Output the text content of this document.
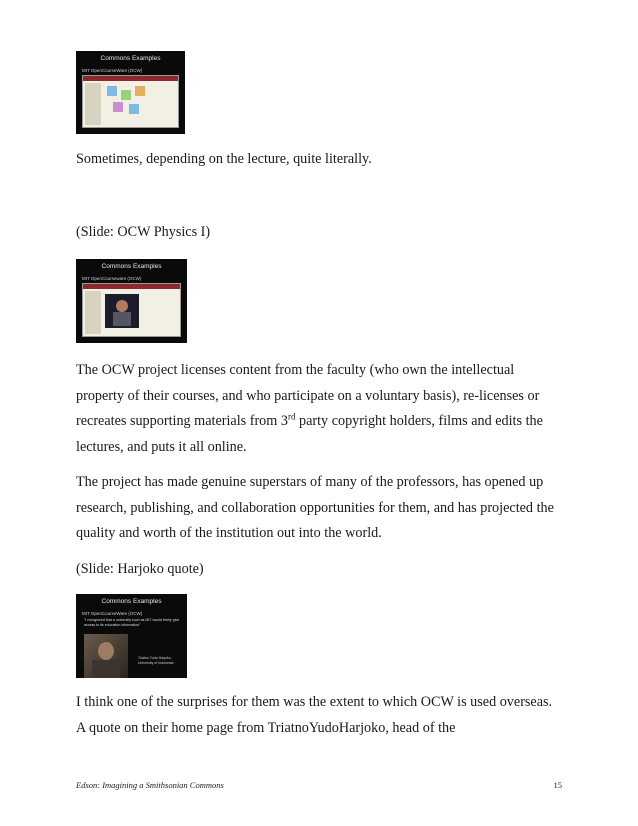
Commons Examples
MIT OpenCourseWare (OCW)

Sometimes, depending on the lecture, quite literally.

(Slide: OCW Physics I)

Commons Examples
MIT OpenCourseware (OCW)

The OCW project licenses content from the faculty (who own the intellectual property of their courses, and who participate on a voluntary basis), re-licenses or recreates supporting materials from 3rd party copyright holders, films and edits the lectures, and puts it all online.

The project has made genuine superstars of many of the professors, has opened up research, publishing, and collaboration opportunities for them, and has projected the quality and worth of the institution out into the world.

(Slide: Harjoko quote)

Commons Examples
MIT OpenCourseWare (OCW)
"I recognized that a university such as MIT would freely give access to its education information"
Triatno Yudo Harjoko, University of Indonesia

I think one of the surprises for them was the extent to which OCW is used overseas. A quote on their home page from TriatnoYudoHarjoko, head of the

Edson: Imagining a Smithsonian Commons	15
